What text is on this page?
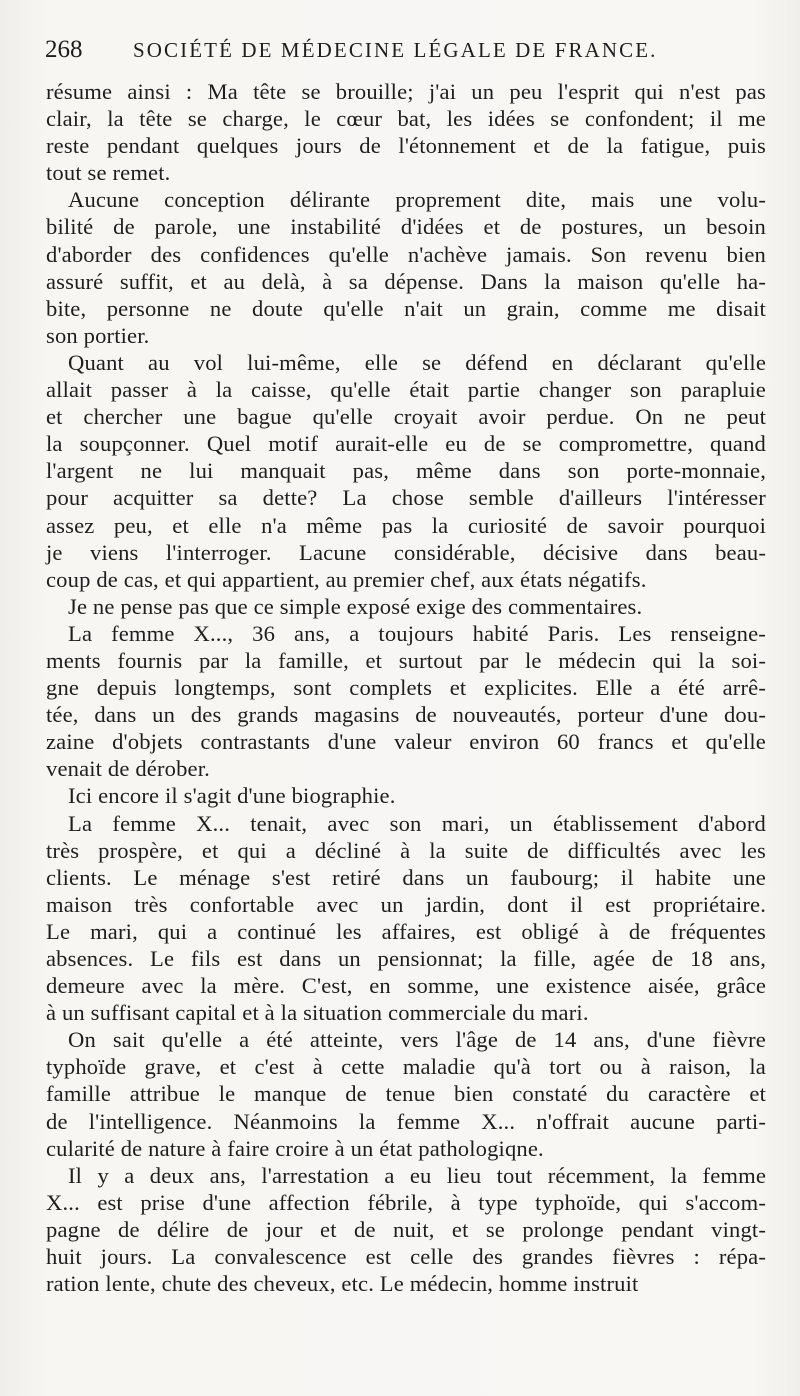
268 SOCIÉTÉ DE MÉDECINE LÉGALE DE FRANCE.
résume ainsi : Ma tête se brouille; j'ai un peu l'esprit qui n'est pas
clair, la tête se charge, le cœur bat, les idées se confondent; il me
reste pendant quelques jours de l'étonnement et de la fatigue, puis
tout se remet.
Aucune conception délirante proprement dite, mais une volu-
bilité de parole, une instabilité d'idées et de postures, un besoin
d'aborder des confidences qu'elle n'achève jamais. Son revenu bien
assuré suffit, et au delà, à sa dépense. Dans la maison qu'elle ha-
bite, personne ne doute qu'elle n'ait un grain, comme me disait
son portier.
Quant au vol lui-même, elle se défend en déclarant qu'elle
allait passer à la caisse, qu'elle était partie changer son parapluie
et chercher une bague qu'elle croyait avoir perdue. On ne peut
la soupçonner. Quel motif aurait-elle eu de se compromettre, quand
l'argent ne lui manquait pas, même dans son porte-monnaie,
pour acquitter sa dette? La chose semble d'ailleurs l'intéresser
assez peu, et elle n'a même pas la curiosité de savoir pourquoi
je viens l'interroger. Lacune considérable, décisive dans beau-
coup de cas, et qui appartient, au premier chef, aux états négatifs.
Je ne pense pas que ce simple exposé exige des commentaires.
La femme X..., 36 ans, a toujours habité Paris. Les renseigne-
ments fournis par la famille, et surtout par le médecin qui la soi-
gne depuis longtemps, sont complets et explicites. Elle a été arrê-
tée, dans un des grands magasins de nouveautés, porteur d'une dou-
zaine d'objets contrastants d'une valeur environ 60 francs et qu'elle
venait de dérober.
Ici encore il s'agit d'une biographie.
La femme X... tenait, avec son mari, un établissement d'abord
très prospère, et qui a décliné à la suite de difficultés avec les
clients. Le ménage s'est retiré dans un faubourg; il habite une
maison très confortable avec un jardin, dont il est propriétaire.
Le mari, qui a continué les affaires, est obligé à de fréquentes
absences. Le fils est dans un pensionnat; la fille, agée de 18 ans,
demeure avec la mère. C'est, en somme, une existence aisée, grâce
à un suffisant capital et à la situation commerciale du mari.
On sait qu'elle a été atteinte, vers l'âge de 14 ans, d'une fièvre
typhoïde grave, et c'est à cette maladie qu'à tort ou à raison, la
famille attribue le manque de tenue bien constaté du caractère et
de l'intelligence. Néanmoins la femme X... n'offrait aucune parti-
cularité de nature à faire croire à un état pathologiqne.
Il y a deux ans, l'arrestation a eu lieu tout récemment, la femme
X... est prise d'une affection fébrile, à type typhoïde, qui s'accom-
pagne de délire de jour et de nuit, et se prolonge pendant vingt-
huit jours. La convalescence est celle des grandes fièvres : répa-
ration lente, chute des cheveux, etc. Le médecin, homme instruit
